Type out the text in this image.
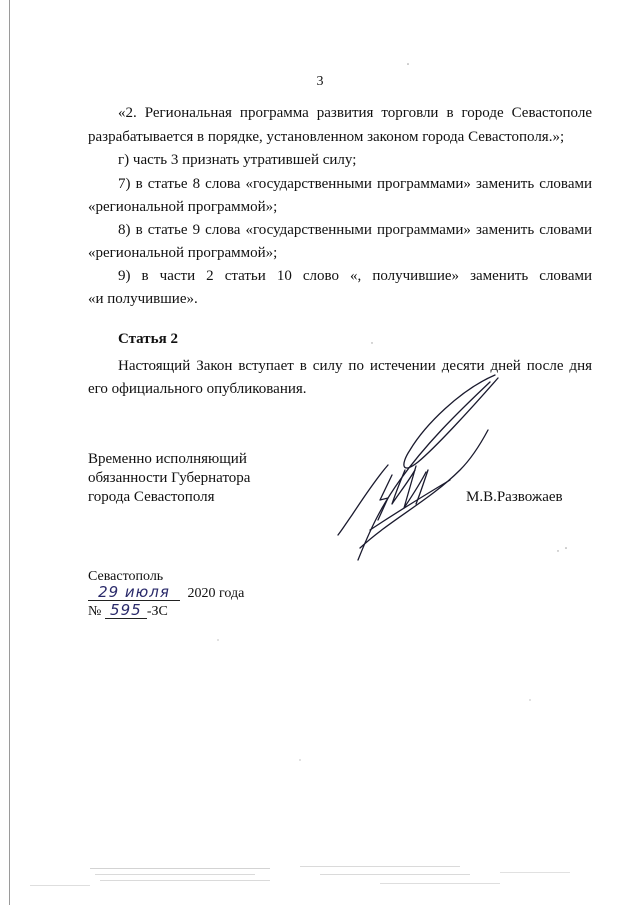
3
«2. Региональная программа развития торговли в городе Севастополе
разрабатывается в порядке, установленном законом города Севастополя.»;
г) часть 3 признать утратившей силу;
7) в статье 8 слова «государственными программами» заменить словами
«региональной программой»;
8) в статье 9 слова «государственными программами» заменить словами
«региональной программой»;
9) в части 2 статьи 10 слово «, получившие» заменить словами
«и получившие».
Статья 2
Настоящий Закон вступает в силу по истечении десяти дней после дня
его официального опубликования.
Временно исполняющий
обязанности Губернатора
города Севастополя	М.В.Развожаев
Севастополь
29 июля 2020 года
№ 595 -ЗС
